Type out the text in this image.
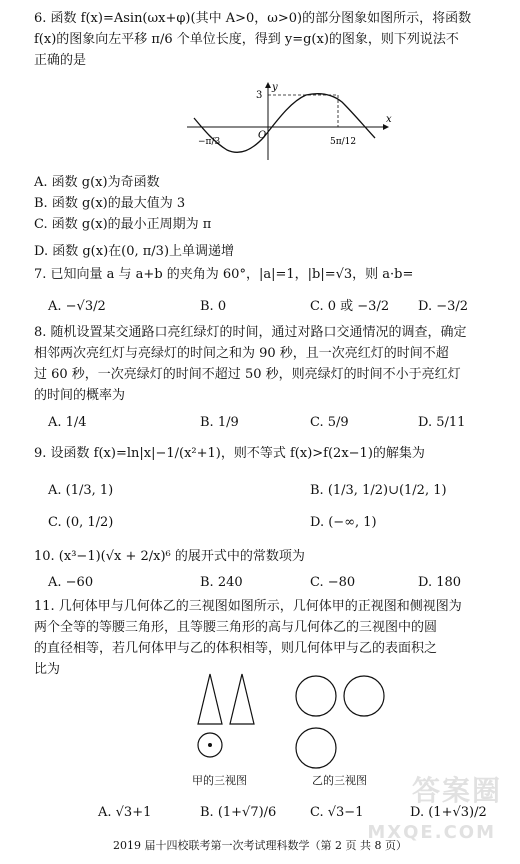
6. 函数 f(x)=Asin(ωx+φ)(其中 A>0，ω>0)的部分图象如图所示，将函数
f(x)的图象向左平移 π/6 个单位长度，得到 y=g(x)的图象，则下列说法不
正确的是
3
O
y
x
−π/3	5π/12
A. 函数 g(x)为奇函数
B. 函数 g(x)的最大值为 3
C. 函数 g(x)的最小正周期为 π
D. 函数 g(x)在(0, π/3)上单调递增
7. 已知向量 a 与 a+b 的夹角为 60°，|a|=1，|b|=√3，则 a·b=
A. −√3/2	B. 0	C. 0 或 −3/2 D. −3/2
8. 随机设置某交通路口亮红绿灯的时间，通过对路口交通情况的调查，确定
相邻两次亮红灯与亮绿灯的时间之和为 90 秒，且一次亮红灯的时间不超
过 60 秒，一次亮绿灯的时间不超过 50 秒，则亮绿灯的时间不小于亮红灯
的时间的概率为
A. 1/4	B. 1/9	C. 5/9	D. 5/11
9. 设函数 f(x)=ln|x|−1/(x²+1)，则不等式 f(x)>f(2x−1)的解集为
A. (1/3, 1)	B. (1/3, 1/2)∪(1/2, 1)
C. (0, 1/2)	D. (−∞, 1)
10. (x³−1)(√x + 2/x)⁶ 的展开式中的常数项为
A. −60	B. 240	C. −80	D. 180
11. 几何体甲与几何体乙的三视图如图所示，几何体甲的正视图和侧视图为
两个全等的等腰三角形，且等腰三角形的高与几何体乙的三视图中的圆
的直径相等，若几何体甲与乙的体积相等，则几何体甲与乙的表面积之
比为
甲的三视图	乙的三视图
A. √3+1	B. (1+√7)/6	C. √3−1	D. (1+√3)/2
答案圈
MXQE.COM
2019 届十四校联考第一次考试理科数学（第 2 页 共 8 页）
